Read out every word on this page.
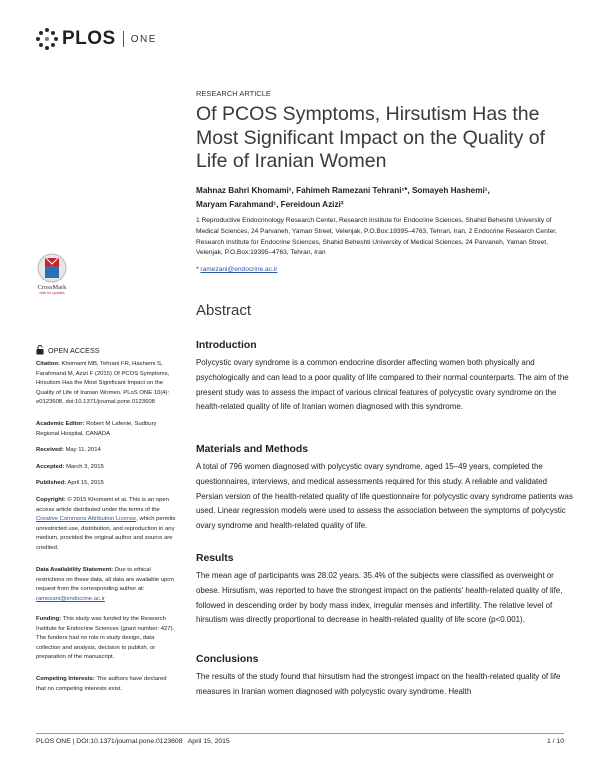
PLOS ONE
CrossMark
click for updates
RESEARCH ARTICLE
Of PCOS Symptoms, Hirsutism Has the Most Significant Impact on the Quality of Life of Iranian Women
Mahnaz Bahri Khomami¹, Fahimeh Ramezani Tehrani¹*, Somayeh Hashemi¹,
Maryam Farahmand¹, Fereidoun Azizi²
1 Reproductive Endocrinology Research Center, Research Institute for Endocrine Sciences, Shahid Beheshti University of Medical Sciences, 24 Parvaneh, Yaman Street, Velenjak, P.O.Box:19395–4763, Tehran, Iran, 2 Endocrine Research Center, Research Institute for Endocrine Sciences, Shahid Beheshti University of Medical Sciences, 24 Parvaneh, Yaman Street, Velenjak, P.O.Box:19395–4763, Tehran, Iran
* ramezani@endocrine.ac.ir
Abstract
Introduction

Polycystic ovary syndrome is a common endocrine disorder affecting women both physically and psychologically and can lead to a poor quality of life compared to their normal counterparts. The aim of the present study was to assess the impact of various clinical features of polycystic ovary syndrome on the health-related quality of life of Iranian women diagnosed with this syndrome.

Materials and Methods

A total of 796 women diagnosed with polycystic ovary syndrome, aged 15–49 years, completed the questionnaires, interviews, and medical assessments required for this study. A reliable and validated Persian version of the health-related quality of life questionnaire for polycystic ovary syndrome patients was used. Linear regression models were used to assess the association between the symptoms of polycystic ovary syndrome and health-related quality of life.

Results

The mean age of participants was 28.02 years. 35.4% of the subjects were classified as overweight or obese. Hirsutism, was reported to have the strongest impact on the patients' health-related quality of life, followed in descending order by body mass index, irregular menses and infertility. The relative level of hirsutism was directly proportional to decrease in health-related quality of life score (p<0.001).

Conclusions

The results of the study found that hirsutism had the strongest impact on the health-related quality of life measures in Iranian women diagnosed with polycystic ovary syndrome. Health

OPEN ACCESS
Citation: Khomami MB, Tehrani FR, Hashemi S, Farahmand M, Azizi F (2015) Of PCOS Symptoms, Hirsutism Has the Most Significant Impact on the Quality of Life of Iranian Women. PLoS ONE 10(4): e0123608. doi:10.1371/journal.pone.0123608
Academic Editor: Robert M Lafenie, Sudbury Regional Hospital, CANADA
Received: May 11, 2014
Accepted: March 3, 2015
Published: April 15, 2015
Copyright: © 2015 Khomami et al. This is an open access article distributed under the terms of the Creative Commons Attribution License, which permits unrestricted use, distribution, and reproduction in any medium, provided the original author and source are credited.
Data Availability Statement: Due to ethical restrictions on these data, all data are available upon request from the corresponding author at: ramezani@endocrine.ac.ir
Funding: This study was funded by the Research Institute for Endocrine Sciences (grant number: 427). The funders had no role in study design, data collection and analysis, decision to publish, or preparation of the manuscript.
Competing Interests: The authors have declared that no competing interests exist.
PLOS ONE | DOI:10.1371/journal.pone.0123608   April 15, 2015	1 / 10
